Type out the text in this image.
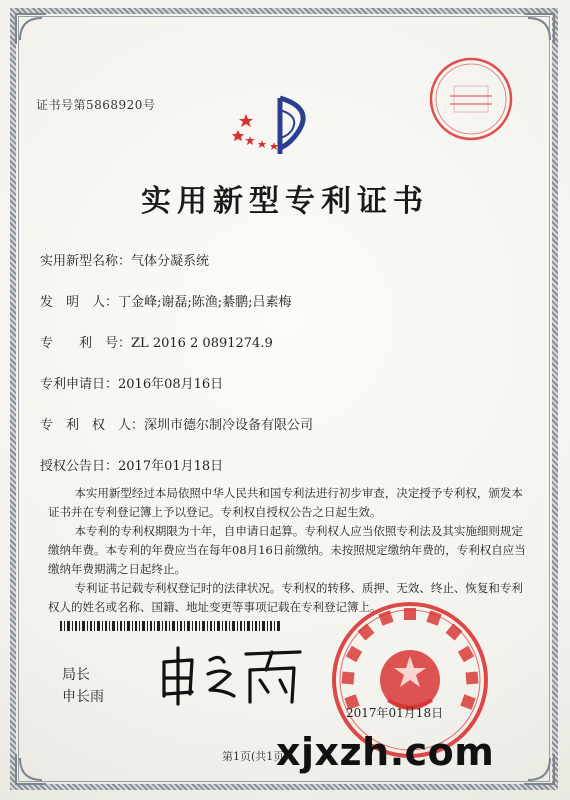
证书号第5868920号
实用新型专利证书
实用新型名称：气体分凝系统
发　明　人：丁金峰;谢磊;陈渔;綦鹏;吕素梅
专　　利　号：ZL 2016 2 0891274.9
专利申请日：2016年08月16日
专　利　权　人：深圳市德尔制冷设备有限公司
授权公告日：2017年01月18日

本实用新型经过本局依照中华人民共和国专利法进行初步审查，决定授予专利权，颁发本证书并在专利登记簿上予以登记。专利权自授权公告之日起生效。

本专利的专利权期限为十年，自申请日起算。专利权人应当依照专利法及其实施细则规定缴纳年费。本专利的年费应当在每年08月16日前缴纳。未按照规定缴纳年费的，专利权自应当缴纳年费期满之日起终止。

专利证书记载专利权登记时的法律状况。专利权的转移、质押、无效、终止、恢复和专利权人的姓名或名称、国籍、地址变更等事项记载在专利登记簿上。

局长
申长雨
2017年01月18日
第1页(共1页)
xjxzh.com
